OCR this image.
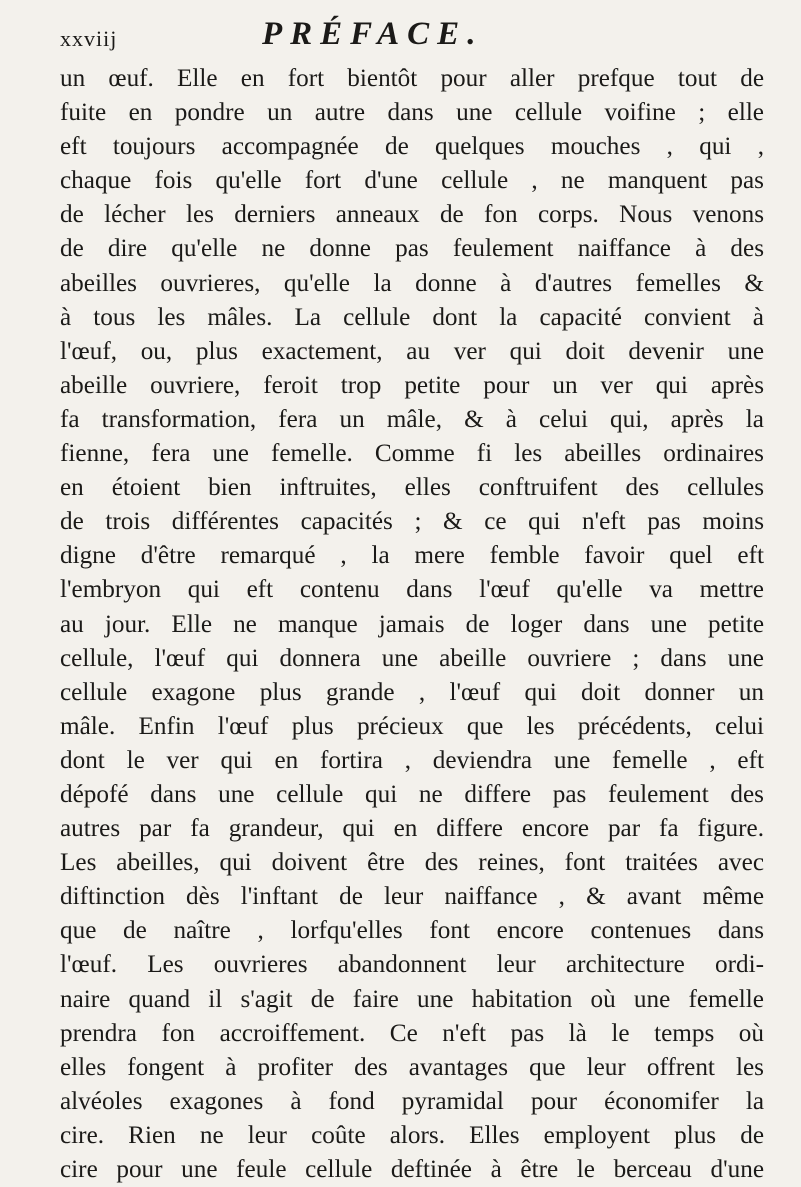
xxviij	PRÉFACE.
un œuf. Elle en fort bientôt pour aller prefque tout de
fuite en pondre un autre dans une cellule voifine ; elle
eft toujours accompagnée de quelques mouches , qui ,
chaque fois qu'elle fort d'une cellule , ne manquent pas
de lécher les derniers anneaux de fon corps. Nous venons
de dire qu'elle ne donne pas feulement naiffance à des
abeilles ouvrieres, qu'elle la donne à d'autres femelles &
à tous les mâles. La cellule dont la capacité convient à
l'œuf, ou, plus exactement, au ver qui doit devenir une
abeille ouvriere, feroit trop petite pour un ver qui après
fa transformation, fera un mâle, & à celui qui, après la
fienne, fera une femelle. Comme fi les abeilles ordinaires
en étoient bien inftruites, elles conftruifent des cellules
de trois différentes capacités ; & ce qui n'eft pas moins
digne d'être remarqué , la mere femble favoir quel eft
l'embryon qui eft contenu dans l'œuf qu'elle va mettre
au jour. Elle ne manque jamais de loger dans une petite
cellule, l'œuf qui donnera une abeille ouvriere ; dans une
cellule exagone plus grande , l'œuf qui doit donner un
mâle. Enfin l'œuf plus précieux que les précédents, celui
dont le ver qui en fortira , deviendra une femelle , eft
dépofé dans une cellule qui ne differe pas feulement des
autres par fa grandeur, qui en differe encore par fa figure.
Les abeilles, qui doivent être des reines, font traitées avec
diftinction dès l'inftant de leur naiffance , & avant même
que de naître , lorfqu'elles font encore contenues dans
l'œuf. Les ouvrieres abandonnent leur architecture ordi-
naire quand il s'agit de faire une habitation où une femelle
prendra fon accroiffement. Ce n'eft pas là le temps où
elles fongent à profiter des avantages que leur offrent les
alvéoles exagones à fond pyramidal pour économifer la
cire. Rien ne leur coûte alors. Elles employent plus de
cire pour une feule cellule deftinée à être le berceau d'une
